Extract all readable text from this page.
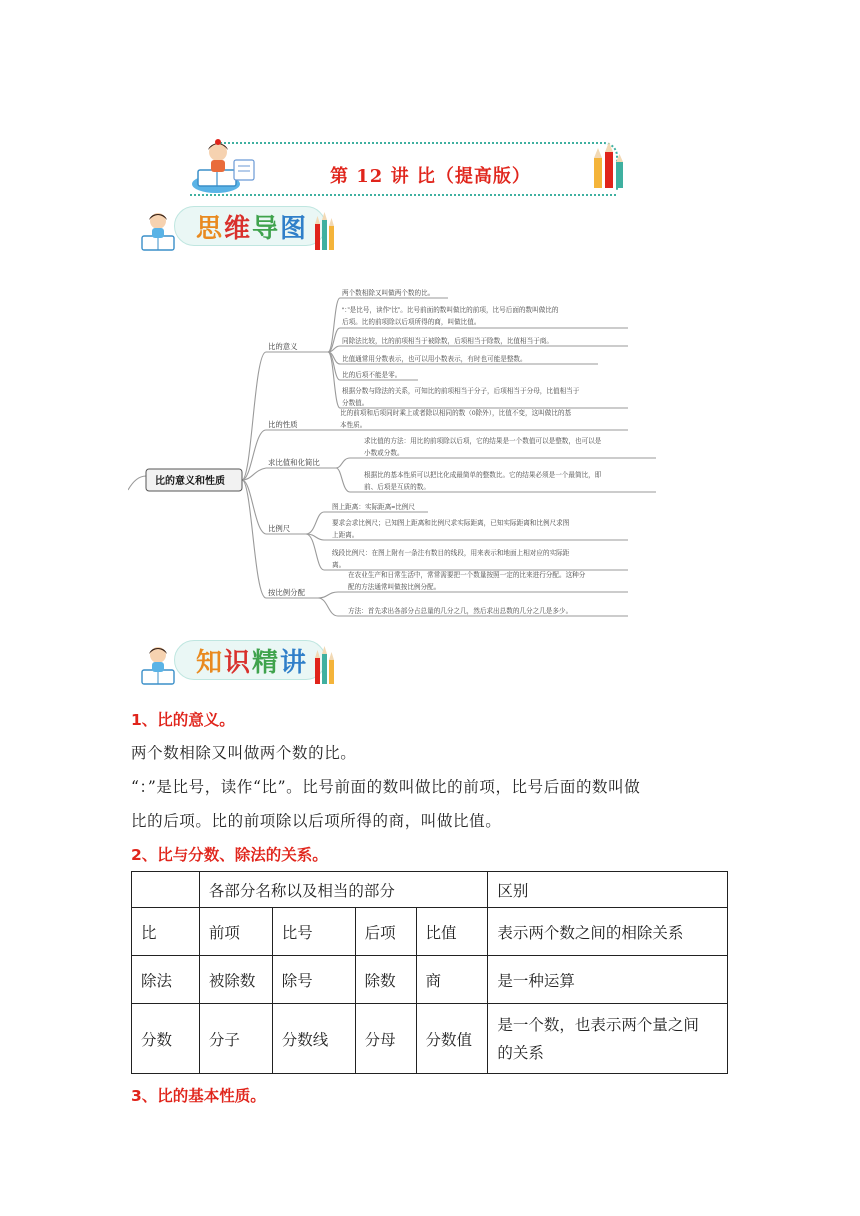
第 12 讲 比（提高版）
思维导图
比的意义和性质
比的意义
比的性质
求比值和化简比
比例尺
按比例分配
两个数相除又叫做两个数的比。
“：”是比号，读作“比”。比号前面的数叫做比的前项，比号后面的数叫做比的
后项。比的前项除以后项所得的商，叫做比值。
同除法比较，比的前项相当于被除数，后项相当于除数，比值相当于商。
比值通常用分数表示，也可以用小数表示，有时也可能是整数。
比的后项不能是零。
根据分数与除法的关系，可知比的前项相当于分子，后项相当于分母，比值相当于
分数值。
比的前项和后项同时乘上或者除以相同的数（0除外），比值不变，这叫做比的基
本性质。
求比值的方法：用比的前项除以后项，它的结果是一个数值可以是整数，也可以是
小数或分数。
根据比的基本性质可以把比化成最简单的整数比。它的结果必须是一个最简比，即
前、后项是互质的数。
图上距离：实际距离=比例尺
要求会求比例尺；已知图上距离和比例尺求实际距离，已知实际距离和比例尺求图
上距离。
线段比例尺：在图上附有一条注有数目的线段，用来表示和地面上相对应的实际距
离。
在农业生产和日常生活中，常常需要把一个数量按照一定的比来进行分配。这种分
配的方法通常叫做按比例分配。
方法：首先求出各部分占总量的几分之几，然后求出总数的几分之几是多少。
知识精讲
1、比的意义。
两个数相除又叫做两个数的比。
“：”是比号，读作“比”。比号前面的数叫做比的前项，比号后面的数叫做
比的后项。比的前项除以后项所得的商，叫做比值。
2、比与分数、除法的关系。
	各部分名称以及相当的部分				区别
比	前项	比号	后项	比值	表示两个数之间的相除关系
除法	被除数	除号	除数	商	是一种运算
分数	分子	分数线	分母	分数值	是一个数，也表示两个量之间
的关系
3、比的基本性质。
